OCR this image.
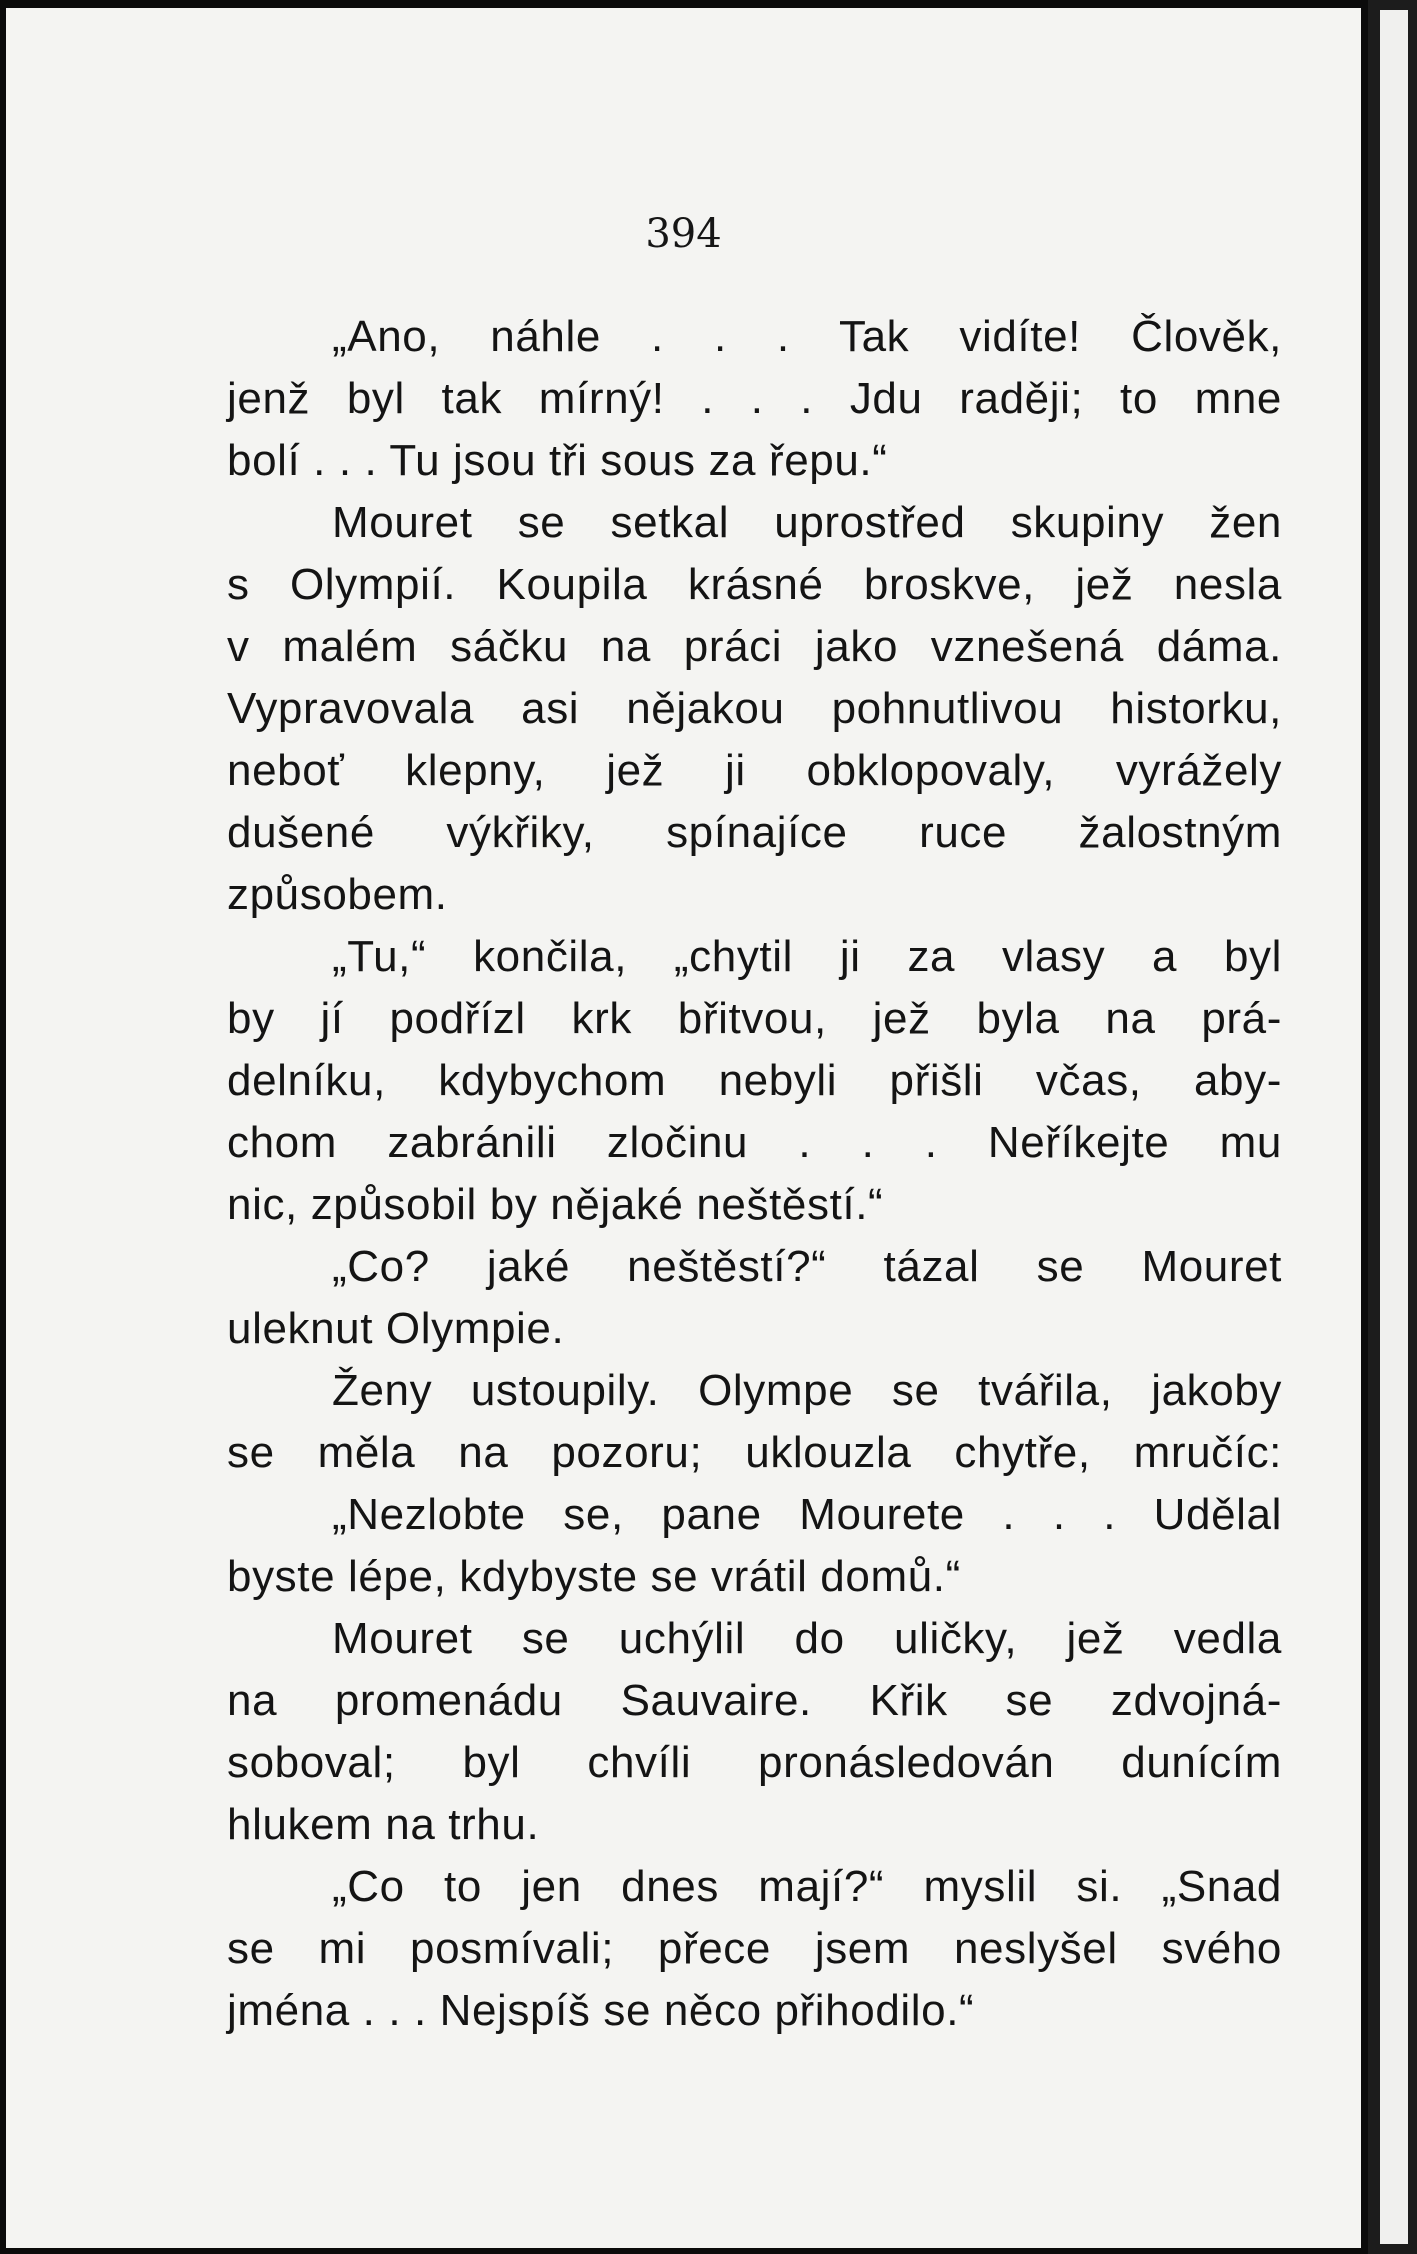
394

„Ano, náhle . . . Tak vidíte! Člověk,

jenž byl tak mírný! . . . Jdu raději; to mne

bolí . . . Tu jsou tři sous za řepu.“

Mouret se setkal uprostřed skupiny žen

s Olympií. Koupila krásné broskve, jež nesla

v malém sáčku na práci jako vznešená dáma.

Vypravovala asi nějakou pohnutlivou historku,

neboť klepny, jež ji obklopovaly, vyrážely

dušené výkřiky, spínajíce ruce žalostným

způsobem.

„Tu,“ končila, „chytil ji za vlasy a byl

by jí podřízl krk břitvou, jež byla na prá-

delníku, kdybychom nebyli přišli včas, aby-

chom zabránili zločinu . . . Neříkejte mu

nic, způsobil by nějaké neštěstí.“

„Co? jaké neštěstí?“ tázal se Mouret

uleknut Olympie.

Ženy ustoupily. Olympe se tvářila, jakoby

se měla na pozoru; uklouzla chytře, mručíc:

„Nezlobte se, pane Mourete . . . Udělal

byste lépe, kdybyste se vrátil domů.“

Mouret se uchýlil do uličky, jež vedla

na promenádu Sauvaire. Křik se zdvojná-

soboval; byl chvíli pronásledován dunícím

hlukem na trhu.

„Co to jen dnes mají?“ myslil si. „Snad

se mi posmívali; přece jsem neslyšel svého

jména . . . Nejspíš se něco přihodilo.“
